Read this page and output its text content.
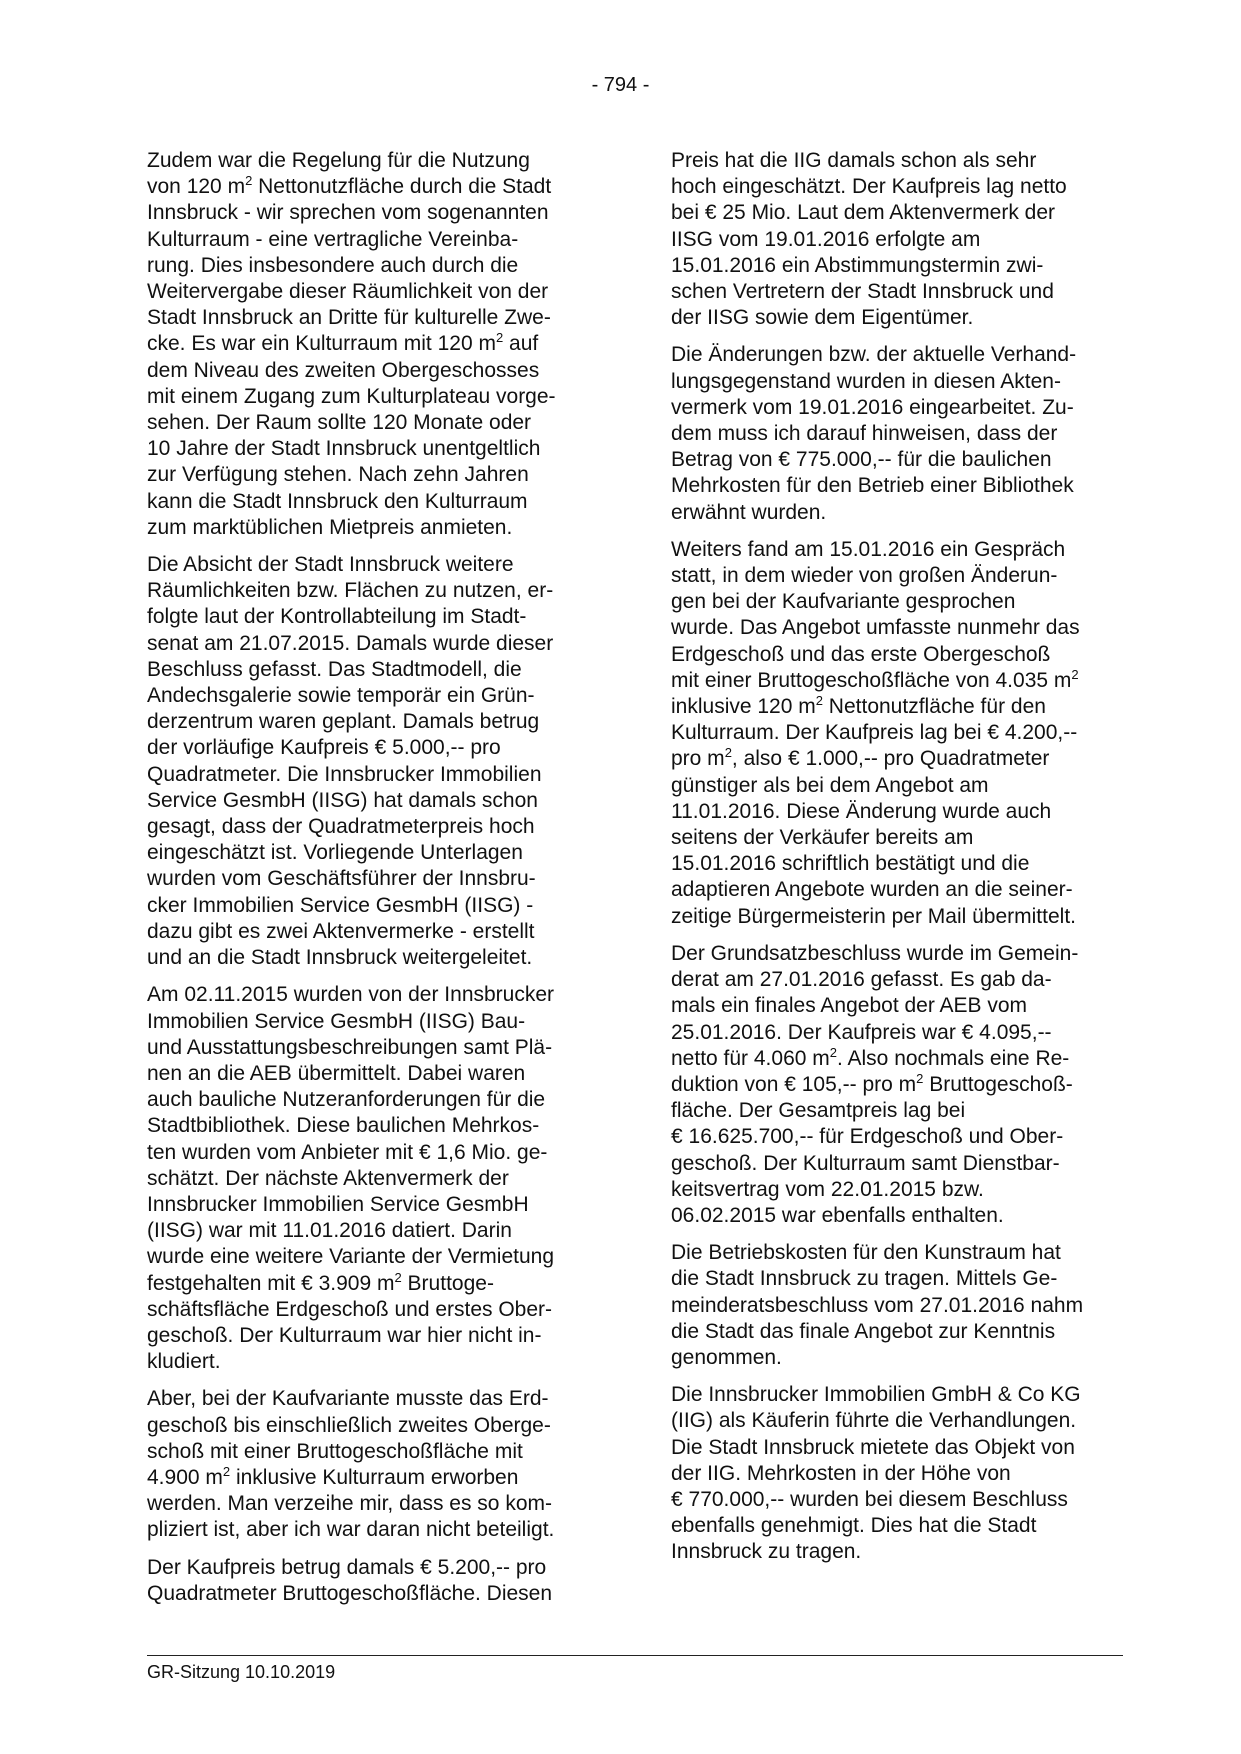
- 794 -

Zudem war die Regelung für die Nutzung
von 120 $m^2$ Nettonutzfläche durch die Stadt
Innsbruck - wir sprechen vom sogenannten
Kulturraum - eine vertragliche Vereinba-
rung. Dies insbesondere auch durch die
Weitervergabe dieser Räumlichkeit von der
Stadt Innsbruck an Dritte für kulturelle Zwe-
cke. Es war ein Kulturraum mit 120 $m^2$ auf
dem Niveau des zweiten Obergeschosses
mit einem Zugang zum Kulturplateau vorge-
sehen. Der Raum sollte 120 Monate oder
10 Jahre der Stadt Innsbruck unentgeltlich
zur Verfügung stehen. Nach zehn Jahren
kann die Stadt Innsbruck den Kulturraum
zum marktüblichen Mietpreis anmieten.

Die Absicht der Stadt Innsbruck weitere
Räumlichkeiten bzw. Flächen zu nutzen, er-
folgte laut der Kontrollabteilung im Stadt-
senat am 21.07.2015. Damals wurde dieser
Beschluss gefasst. Das Stadtmodell, die
Andechsgalerie sowie temporär ein Grün-
derzentrum waren geplant. Damals betrug
der vorläufige Kaufpreis € 5.000,-- pro
Quadratmeter. Die Innsbrucker Immobilien
Service GesmbH (IISG) hat damals schon
gesagt, dass der Quadratmeterpreis hoch
eingeschätzt ist. Vorliegende Unterlagen
wurden vom Geschäftsführer der Innsbru-
cker Immobilien Service GesmbH (IISG) -
dazu gibt es zwei Aktenvermerke - erstellt
und an die Stadt Innsbruck weitergeleitet.

Am 02.11.2015 wurden von der Innsbrucker
Immobilien Service GesmbH (IISG) Bau-
und Ausstattungsbeschreibungen samt Plä-
nen an die AEB übermittelt. Dabei waren
auch bauliche Nutzeranforderungen für die
Stadtbibliothek. Diese baulichen Mehrkos-
ten wurden vom Anbieter mit € 1,6 Mio. ge-
schätzt. Der nächste Aktenvermerk der
Innsbrucker Immobilien Service GesmbH
(IISG) war mit 11.01.2016 datiert. Darin
wurde eine weitere Variante der Vermietung
festgehalten mit € 3.909 $m^2$ Bruttoge-
schäftsfläche Erdgeschoß und erstes Ober-
geschoß. Der Kulturraum war hier nicht in-
kludiert.

Aber, bei der Kaufvariante musste das Erd-
geschoß bis einschließlich zweites Oberge-
schoß mit einer Bruttogeschoßfläche mit
4.900 $m^2$ inklusive Kulturraum erworben
werden. Man verzeihe mir, dass es so kom-
pliziert ist, aber ich war daran nicht beteiligt.

Der Kaufpreis betrug damals € 5.200,-- pro
Quadratmeter Bruttogeschoßfläche. Diesen

Preis hat die IIG damals schon als sehr
hoch eingeschätzt. Der Kaufpreis lag netto
bei € 25 Mio. Laut dem Aktenvermerk der
IISG vom 19.01.2016 erfolgte am
15.01.2016 ein Abstimmungstermin zwi-
schen Vertretern der Stadt Innsbruck und
der IISG sowie dem Eigentümer.

Die Änderungen bzw. der aktuelle Verhand-
lungsgegenstand wurden in diesen Akten-
vermerk vom 19.01.2016 eingearbeitet. Zu-
dem muss ich darauf hinweisen, dass der
Betrag von € 775.000,-- für die baulichen
Mehrkosten für den Betrieb einer Bibliothek
erwähnt wurden.

Weiters fand am 15.01.2016 ein Gespräch
statt, in dem wieder von großen Änderun-
gen bei der Kaufvariante gesprochen
wurde. Das Angebot umfasste nunmehr das
Erdgeschoß und das erste Obergeschoß
mit einer Bruttogeschoßfläche von 4.035 $m^2$
inklusive 120 $m^2$ Nettonutzfläche für den
Kulturraum. Der Kaufpreis lag bei € 4.200,--
pro $m^2$, also € 1.000,-- pro Quadratmeter
günstiger als bei dem Angebot am
11.01.2016. Diese Änderung wurde auch
seitens der Verkäufer bereits am
15.01.2016 schriftlich bestätigt und die
adaptieren Angebote wurden an die seiner-
zeitige Bürgermeisterin per Mail übermittelt.

Der Grundsatzbeschluss wurde im Gemein-
derat am 27.01.2016 gefasst. Es gab da-
mals ein finales Angebot der AEB vom
25.01.2016. Der Kaufpreis war € 4.095,--
netto für 4.060 $m^2$. Also nochmals eine Re-
duktion von € 105,-- pro $m^2$ Bruttogeschoß-
fläche. Der Gesamtpreis lag bei
€ 16.625.700,-- für Erdgeschoß und Ober-
geschoß. Der Kulturraum samt Dienstbar-
keitsvertrag vom 22.01.2015 bzw.
06.02.2015 war ebenfalls enthalten.

Die Betriebskosten für den Kunstraum hat
die Stadt Innsbruck zu tragen. Mittels Ge-
meinderatsbeschluss vom 27.01.2016 nahm
die Stadt das finale Angebot zur Kenntnis
genommen.

Die Innsbrucker Immobilien GmbH & Co KG
(IIG) als Käuferin führte die Verhandlungen.
Die Stadt Innsbruck mietete das Objekt von
der IIG. Mehrkosten in der Höhe von
€ 770.000,-- wurden bei diesem Beschluss
ebenfalls genehmigt. Dies hat die Stadt
Innsbruck zu tragen.

GR-Sitzung 10.10.2019
